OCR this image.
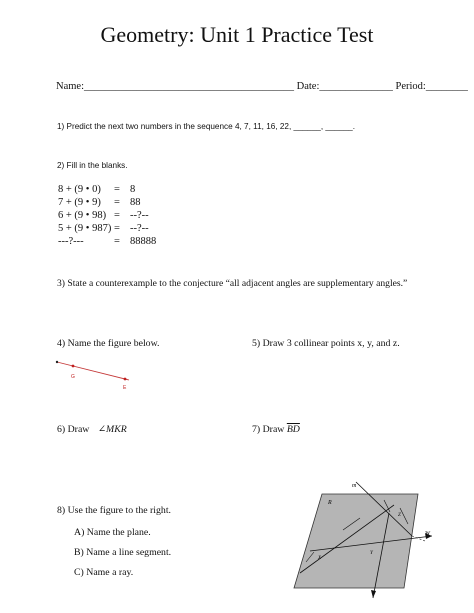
Geometry: Unit 1 Practice Test
Name:________________________________________ Date:______________ Period:________
1) Predict the next two numbers in the sequence 4, 7, 11, 16, 22, ______, ______.
2) Fill in the blanks.
8 + (9 • 0) = 8
7 + (9 • 9) = 88
6 + (9 • 98) = --?--
5 + (9 • 987) = --?--
---?---	= 88888
3) State a counterexample to the conjecture “all adjacent angles are supplementary angles.”
4) Name the figure below.	5) Draw 3 collinear points x, y, and z.
G
E
6) Draw ∠MKR	7) Draw $\overline{BD}$
8) Use the figure to the right.
A) Name the plane.
B) Name a line segment.
C) Name a ray.
m
R
Z
W
X
Y
